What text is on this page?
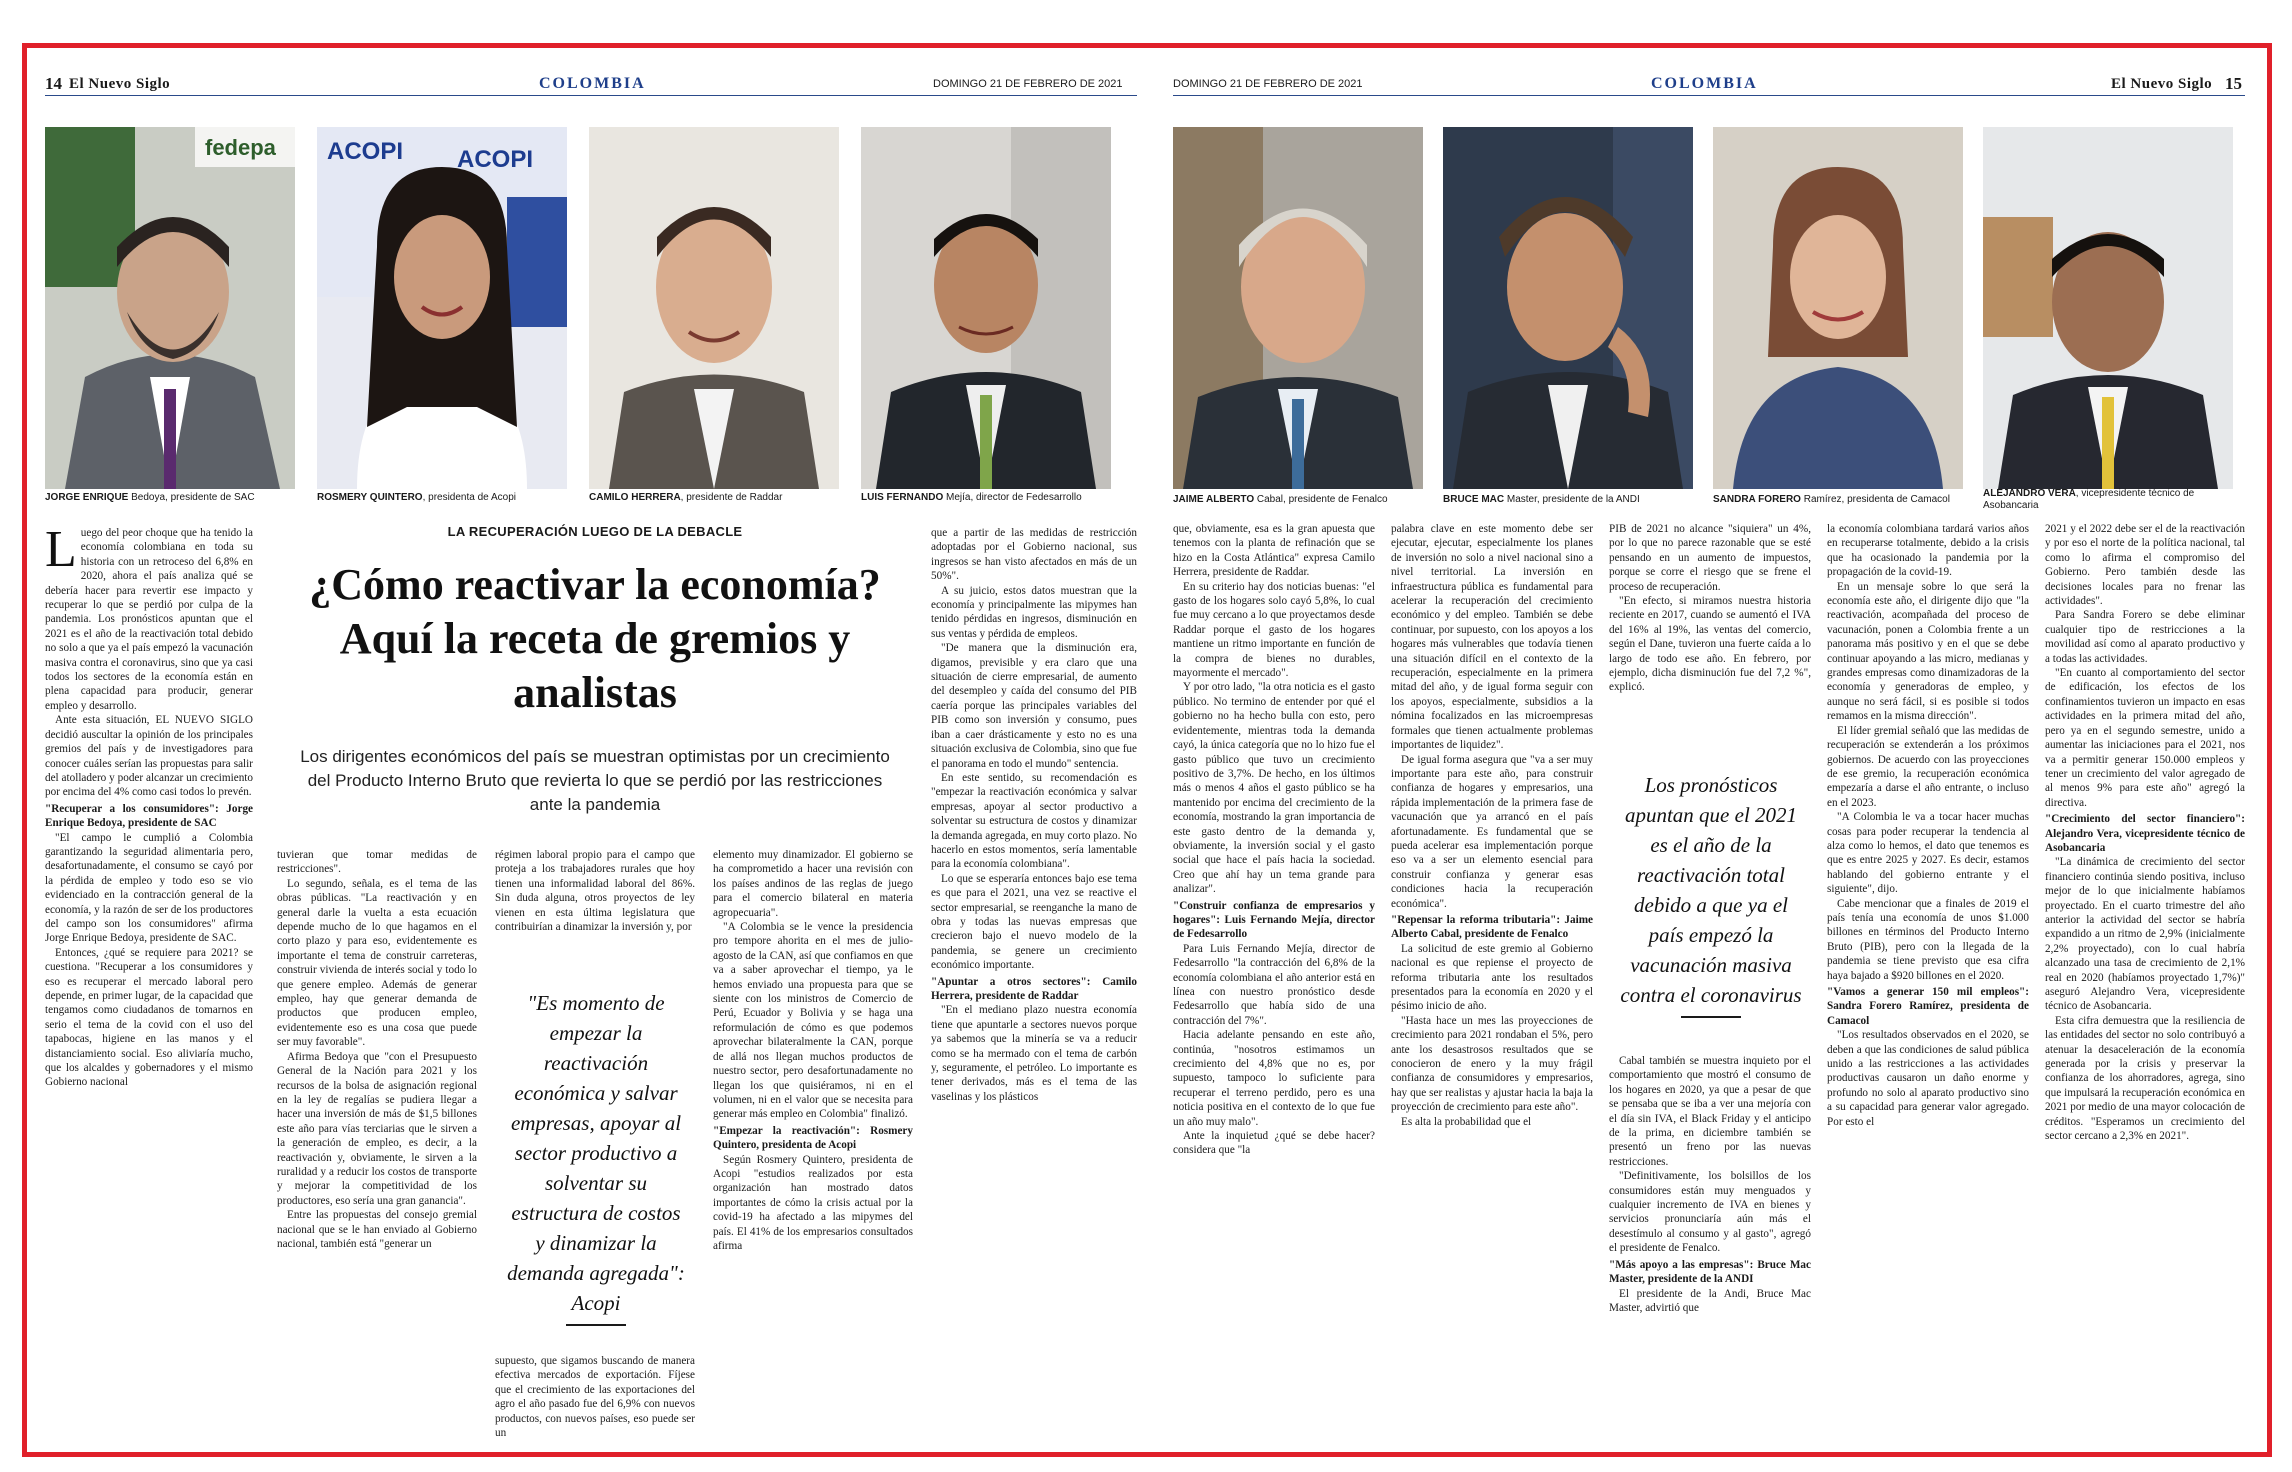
14 El Nuevo Siglo	COLOMBIA	DOMINGO 21 DE FEBRERO DE 2021
fedepa ACOPI ACOPI
JORGE ENRIQUE Bedoya, presidente de SAC	ROSMERY QUINTERO, presidenta de Acopi	CAMILO HERRERA, presidente de Raddar	LUIS FERNANDO Mejía, director de Fedesarrollo
LA RECUPERACIÓN LUEGO DE LA DEBACLE
¿Cómo reactivar la economía? Aquí la receta de gremios y analistas
Los dirigentes económicos del país se muestran optimistas por un crecimiento del Producto Interno Bruto que revierta lo que se perdió por las restricciones ante la pandemia

Luego del peor choque que ha tenido la economía colombiana en toda su historia con un retroceso del 6,8% en 2020, ahora el país analiza qué se debería hacer para revertir ese impacto y recuperar lo que se perdió por culpa de la pandemia. Los pronósticos apuntan que el 2021 es el año de la reactivación total debido no solo a que ya el país empezó la vacunación masiva contra el coronavirus, sino que ya casi todos los sectores de la economía están en plena capacidad para producir, generar empleo y desarrollo.

Ante esta situación, EL NUEVO SIGLO decidió auscultar la opinión de los principales gremios del país y de investigadores para conocer cuáles serían las propuestas para salir del atolladero y poder alcanzar un crecimiento por encima del 4% como casi todos lo prevén.

"Recuperar a los consumidores": Jorge Enrique Bedoya, presidente de SAC

"El campo le cumplió a Colombia garantizando la seguridad alimentaria pero, desafortunadamente, el consumo se cayó por la pérdida de empleo y todo eso se vio evidenciado en la contracción general de la economía, y la razón de ser de los productores del campo son los consumidores" afirma Jorge Enrique Bedoya, presidente de SAC.

Entonces, ¿qué se requiere para 2021? se cuestiona. "Recuperar a los consumidores y eso es recuperar el mercado laboral pero depende, en primer lugar, de la capacidad que tengamos como ciudadanos de tomarnos en serio el tema de la covid con el uso del tapabocas, higiene en las manos y el distanciamiento social. Eso aliviaría mucho, que los alcaldes y gobernadores y el mismo Gobierno nacional

tuvieran que tomar medidas de restricciones".

Lo segundo, señala, es el tema de las obras públicas. "La reactivación y en general darle la vuelta a esta ecuación depende mucho de lo que hagamos en el corto plazo y para eso, evidentemente es importante el tema de construir carreteras, construir vivienda de interés social y todo lo que genere empleo. Además de generar empleo, hay que generar demanda de productos que producen empleo, evidentemente eso es una cosa que puede ser muy favorable".

Afirma Bedoya que "con el Presupuesto General de la Nación para 2021 y los recursos de la bolsa de asignación regional en la ley de regalías se pudiera llegar a hacer una inversión de más de $1,5 billones este año para vías terciarias que le sirven a la generación de empleo, es decir, a la reactivación y, obviamente, le sirven a la ruralidad y a reducir los costos de transporte y mejorar la competitividad de los productores, eso sería una gran ganancia".

Entre las propuestas del consejo gremial nacional que se le han enviado al Gobierno nacional, también está "generar un

régimen laboral propio para el campo que proteja a los trabajadores rurales que hoy tienen una informalidad laboral del 86%. Sin duda alguna, otros proyectos de ley vienen en esta última legislatura que contribuirían a dinamizar la inversión y, por

"Es momento de empezar la reactivación económica y salvar empresas, apoyar al sector productivo a solventar su estructura de costos y dinamizar la demanda agregada": Acopi

supuesto, que sigamos buscando de manera efectiva mercados de exportación. Fíjese que el crecimiento de las exportaciones del agro el año pasado fue del 6,9% con nuevos productos, con nuevos países, eso puede ser un

elemento muy dinamizador. El gobierno se ha comprometido a hacer una revisión con los países andinos de las reglas de juego para el comercio bilateral en materia agropecuaria".

"A Colombia se le vence la presidencia pro tempore ahorita en el mes de julio-agosto de la CAN, así que confiamos en que va a saber aprovechar el tiempo, ya le hemos enviado una propuesta para que se siente con los ministros de Comercio de Perú, Ecuador y Bolivia y se haga una reformulación de cómo es que podemos aprovechar bilateralmente la CAN, porque de allá nos llegan muchos productos de nuestro sector, pero desafortunadamente no llegan los que quisiéramos, ni en el volumen, ni en el valor que se necesita para generar más empleo en Colombia" finalizó.

"Empezar la reactivación": Rosmery Quintero, presidenta de Acopi

Según Rosmery Quintero, presidenta de Acopi "estudios realizados por esta organización han mostrado datos importantes de cómo la crisis actual por la covid-19 ha afectado a las mipymes del país. El 41% de los empresarios consultados afirma

que a partir de las medidas de restricción adoptadas por el Gobierno nacional, sus ingresos se han visto afectados en más de un 50%".

A su juicio, estos datos muestran que la economía y principalmente las mipymes han tenido pérdidas en ingresos, disminución en sus ventas y pérdida de empleos.

"De manera que la disminución era, digamos, previsible y era claro que una situación de cierre empresarial, de aumento del desempleo y caída del consumo del PIB caería porque las principales variables del PIB como son inversión y consumo, pues iban a caer drásticamente y esto no es una situación exclusiva de Colombia, sino que fue el panorama en todo el mundo" sentencia.

En este sentido, su recomendación es "empezar la reactivación económica y salvar empresas, apoyar al sector productivo a solventar su estructura de costos y dinamizar la demanda agregada, en muy corto plazo. No hacerlo en estos momentos, sería lamentable para la economía colombiana".

Lo que se esperaría entonces bajo ese tema es que para el 2021, una vez se reactive el sector empresarial, se reenganche la mano de obra y todas las nuevas empresas que crecieron bajo el nuevo modelo de la pandemia, se genere un crecimiento económico importante.

"Apuntar a otros sectores": Camilo Herrera, presidente de Raddar

"En el mediano plazo nuestra economía tiene que apuntarle a sectores nuevos porque ya sabemos que la minería se va a reducir como se ha mermado con el tema de carbón y, seguramente, el petróleo. Lo importante es tener derivados, más es el tema de las vaselinas y los plásticos

DOMINGO 21 DE FEBRERO DE 2021	COLOMBIA	El Nuevo Siglo 15
JAIME ALBERTO Cabal, presidente de Fenalco	BRUCE MAC Master, presidente de la ANDI	SANDRA FORERO Ramírez, presidenta de Camacol
ALEJANDRO VERA, vicepresidente técnico de Asobancaria

que, obviamente, esa es la gran apuesta que tenemos con la planta de refinación que se hizo en la Costa Atlántica" expresa Camilo Herrera, presidente de Raddar.

En su criterio hay dos noticias buenas: "el gasto de los hogares solo cayó 5,8%, lo cual fue muy cercano a lo que proyectamos desde Raddar porque el gasto de los hogares mantiene un ritmo importante en función de la compra de bienes no durables, mayormente el mercado".

Y por otro lado, "la otra noticia es el gasto público. No termino de entender por qué el gobierno no ha hecho bulla con esto, pero evidentemente, mientras toda la demanda cayó, la única categoría que no lo hizo fue el gasto público que tuvo un crecimiento positivo de 3,7%. De hecho, en los últimos más o menos 4 años el gasto público se ha mantenido por encima del crecimiento de la economía, mostrando la gran importancia de este gasto dentro de la demanda y, obviamente, la inversión social y el gasto social que hace el país hacia la sociedad. Creo que ahí hay un tema grande para analizar".

"Construir confianza de empresarios y hogares": Luis Fernando Mejía, director de Fedesarrollo

Para Luis Fernando Mejía, director de Fedesarrollo "la contracción del 6,8% de la economía colombiana el año anterior está en línea con nuestro pronóstico desde Fedesarrollo que había sido de una contracción del 7%".

Hacia adelante pensando en este año, continúa, "nosotros estimamos un crecimiento del 4,8% que no es, por supuesto, tampoco lo suficiente para recuperar el terreno perdido, pero es una noticia positiva en el contexto de lo que fue un año muy malo".

Ante la inquietud ¿qué se debe hacer? considera que "la

palabra clave en este momento debe ser ejecutar, ejecutar, especialmente los planes de inversión no solo a nivel nacional sino a nivel territorial. La inversión en infraestructura pública es fundamental para acelerar la recuperación del crecimiento económico y del empleo. También se debe continuar, por supuesto, con los apoyos a los hogares más vulnerables que todavía tienen una situación difícil en el contexto de la recuperación, especialmente en la primera mitad del año, y de igual forma seguir con los apoyos, especialmente, subsidios a la nómina focalizados en las microempresas formales que tienen actualmente problemas importantes de liquidez".

De igual forma asegura que "va a ser muy importante para este año, para construir confianza de hogares y empresarios, una rápida implementación de la primera fase de vacunación que ya arrancó en el país afortunadamente. Es fundamental que se pueda acelerar esa implementación porque eso va a ser un elemento esencial para construir confianza y generar esas condiciones hacia la recuperación económica".

"Repensar la reforma tributaria": Jaime Alberto Cabal, presidente de Fenalco

La solicitud de este gremio al Gobierno nacional es que repiense el proyecto de reforma tributaria ante los resultados presentados para la economía en 2020 y el pésimo inicio de año.

"Hasta hace un mes las proyecciones de crecimiento para 2021 rondaban el 5%, pero ante los desastrosos resultados que se conocieron de enero y la muy frágil confianza de consumidores y empresarios, hay que ser realistas y ajustar hacia la baja la proyección de crecimiento para este año".

Es alta la probabilidad que el

PIB de 2021 no alcance "siquiera" un 4%, por lo que no parece razonable que se esté pensando en un aumento de impuestos, porque se corre el riesgo que se frene el proceso de recuperación.

"En efecto, si miramos nuestra historia reciente en 2017, cuando se aumentó el IVA del 16% al 19%, las ventas del comercio, según el Dane, tuvieron una fuerte caída a lo largo de todo ese año. En febrero, por ejemplo, dicha disminución fue del 7,2 %", explicó.

Los pronósticos apuntan que el 2021 es el año de la reactivación total debido a que ya el país empezó la vacunación masiva contra el coronavirus

Cabal también se muestra inquieto por el comportamiento que mostró el consumo de los hogares en 2020, ya que a pesar de que se pensaba que se iba a ver una mejoría con el día sin IVA, el Black Friday y el anticipo de la prima, en diciembre también se presentó un freno por las nuevas restricciones.

"Definitivamente, los bolsillos de los consumidores están muy menguados y cualquier incremento de IVA en bienes y servicios pronunciaría aún más el desestímulo al consumo y al gasto", agregó el presidente de Fenalco.

"Más apoyo a las empresas": Bruce Mac Master, presidente de la ANDI

El presidente de la Andi, Bruce Mac Master, advirtió que

la economía colombiana tardará varios años en recuperarse totalmente, debido a la crisis que ha ocasionado la pandemia por la propagación de la covid-19.

En un mensaje sobre lo que será la economía este año, el dirigente dijo que "la reactivación, acompañada del proceso de vacunación, ponen a Colombia frente a un panorama más positivo y en el que se debe continuar apoyando a las micro, medianas y grandes empresas como dinamizadoras de la economía y generadoras de empleo, y aunque no será fácil, si es posible si todos remamos en la misma dirección".

El líder gremial señaló que las medidas de recuperación se extenderán a los próximos gobiernos. De acuerdo con las proyecciones de ese gremio, la recuperación económica empezaría a darse el año entrante, o incluso en el 2023.

"A Colombia le va a tocar hacer muchas cosas para poder recuperar la tendencia al alza como lo hemos, el dato que tenemos es que es entre 2025 y 2027. Es decir, estamos hablando del gobierno entrante y el siguiente", dijo.

Cabe mencionar que a finales de 2019 el país tenía una economía de unos $1.000 billones en términos del Producto Interno Bruto (PIB), pero con la llegada de la pandemia se tiene previsto que esa cifra haya bajado a $920 billones en el 2020.

"Vamos a generar 150 mil empleos": Sandra Forero Ramírez, presidenta de Camacol

"Los resultados observados en el 2020, se deben a que las condiciones de salud pública unido a las restricciones a las actividades productivas causaron un daño enorme y profundo no solo al aparato productivo sino a su capacidad para generar valor agregado. Por esto el

2021 y el 2022 debe ser el de la reactivación y por eso el norte de la política nacional, tal como lo afirma el compromiso del Gobierno. Pero también desde las decisiones locales para no frenar las actividades".

Para Sandra Forero se debe eliminar cualquier tipo de restricciones a la movilidad así como al aparato productivo y a todas las actividades.

"En cuanto al comportamiento del sector de edificación, los efectos de los confinamientos tuvieron un impacto en esas actividades en la primera mitad del año, pero ya en el segundo semestre, unido a aumentar las iniciaciones para el 2021, nos va a permitir generar 150.000 empleos y tener un crecimiento del valor agregado de al menos 9% para este año" agregó la directiva.

"Crecimiento del sector financiero": Alejandro Vera, vicepresidente técnico de Asobancaria

"La dinámica de crecimiento del sector financiero continúa siendo positiva, incluso mejor de lo que inicialmente habíamos proyectado. En el cuarto trimestre del año anterior la actividad del sector se habría expandido a un ritmo de 2,9% (inicialmente 2,2% proyectado), con lo cual habría alcanzado una tasa de crecimiento de 2,1% real en 2020 (habíamos proyectado 1,7%)" aseguró Alejandro Vera, vicepresidente técnico de Asobancaria.

Esta cifra demuestra que la resiliencia de las entidades del sector no solo contribuyó a atenuar la desaceleración de la economía generada por la crisis y preservar la confianza de los ahorradores, agrega, sino que impulsará la recuperación económica en 2021 por medio de una mayor colocación de créditos. "Esperamos un crecimiento del sector cercano a 2,3% en 2021".
